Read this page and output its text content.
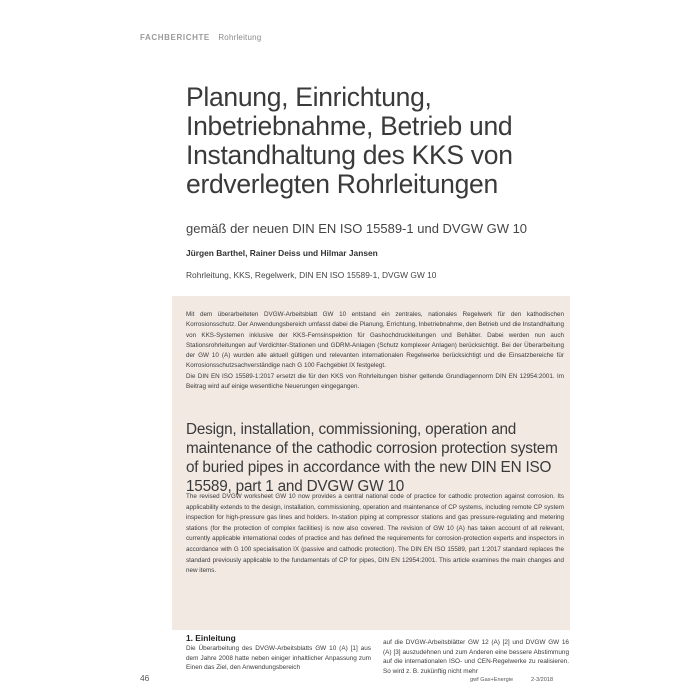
FACHBERICHTE Rohrleitung
Planung, Einrichtung, Inbetriebnahme, Betrieb und Instandhaltung des KKS von erdverlegten Rohrleitungen

gemäß der neuen DIN EN ISO 15589-1 und DVGW GW 10

Jürgen Barthel, Rainer Deiss und Hilmar Jansen
Rohrleitung, KKS, Regelwerk, DIN EN ISO 15589-1, DVGW GW 10

Mit dem überarbeiteten DVGW-Arbeitsblatt GW 10 entstand ein zentrales, nationales Regelwerk für den kathodischen Korrosionsschutz. Der Anwendungsbereich umfasst dabei die Planung, Errichtung, Inbetriebnahme, den Betrieb und die Instandhaltung von KKS-Systemen inklusive der KKS-Fernsinspektion für Gashochdruckleitungen und Behälter. Dabei werden nun auch Stationsrohrleitungen auf Verdichter-Stationen und GDRM-Anlagen (Schutz komplexer Anlagen) berücksichtigt. Bei der Überarbeitung der GW 10 (A) wurden alle aktuell gültigen und relevanten internationalen Regelwerke berücksichtigt und die Einsatzbereiche für Korrosionsschutzsachverständige nach G 100 Fachgebiet IX festgelegt.

Die DIN EN ISO 15589-1:2017 ersetzt die für den KKS von Rohrleitungen bisher geltende Grundlagennorm DIN EN 12954:2001. Im Beitrag wird auf einige wesentliche Neuerungen eingegangen.

Design, installation, commissioning, operation and maintenance of the cathodic corrosion protection system of buried pipes in accordance with the new DIN EN ISO 15589, part 1 and DVGW GW 10

The revised DVGW worksheet GW 10 now provides a central national code of practice for cathodic protection against corrosion. Its applicability extends to the design, installation, commissioning, operation and maintenance of CP systems, including remote CP system inspection for high-pressure gas lines and holders. In-station piping at compressor stations and gas pressure-regulating and metering stations (for the protection of complex facilities) is now also covered. The revision of GW 10 (A) has taken account of all relevant, currently applicable international codes of practice and has defined the requirements for corrosion-protection experts and inspectors in accordance with G 100 specialisation IX (passive and cathodic protection). The DIN EN ISO 15589, part 1:2017 standard replaces the standard previously applicable to the fundamentals of CP for pipes, DIN EN 12954:2001. This article examines the main changes and new items.

1. Einleitung

Die Überarbeitung des DVGW-Arbeitsblatts GW 10 (A) [1] aus dem Jahre 2008 hatte neben einiger inhaltlicher Anpassung zum Einen das Ziel, den Anwendungsbereich

auf die DVGW-Arbeitsblätter GW 12 (A) [2] und DVGW GW 16 (A) [3] auszudehnen und zum Anderen eine bessere Abstimmung auf die internationalen ISO- und CEN-Regelwerke zu realisieren. So wird z. B. zukünftig nicht mehr

46	gwf Gas+Energie	2-3/2018
